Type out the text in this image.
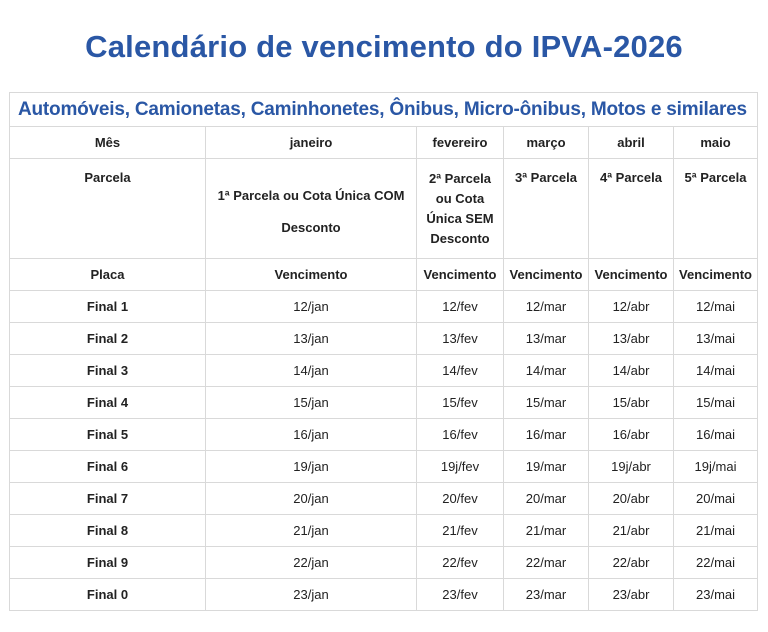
Calendário de vencimento do IPVA-2026
Automóveis, Camionetas, Caminhonetes, Ônibus, Micro-ônibus, Motos e similares					
Mês	janeiro	fevereiro	março	abril	maio
Parcela	1ª Parcela ou Cota Única COM Desconto	2ª Parcela ou Cota Única SEM Desconto	3ª Parcela	4ª Parcela	5ª Parcela
Placa	Vencimento	Vencimento	Vencimento	Vencimento	Vencimento
Final 1	12/jan	12/fev	12/mar	12/abr	12/mai
Final 2	13/jan	13/fev	13/mar	13/abr	13/mai
Final 3	14/jan	14/fev	14/mar	14/abr	14/mai
Final 4	15/jan	15/fev	15/mar	15/abr	15/mai
Final 5	16/jan	16/fev	16/mar	16/abr	16/mai
Final 6	19/jan	19j/fev	19/mar	19j/abr	19j/mai
Final 7	20/jan	20/fev	20/mar	20/abr	20/mai
Final 8	21/jan	21/fev	21/mar	21/abr	21/mai
Final 9	22/jan	22/fev	22/mar	22/abr	22/mai
Final 0	23/jan	23/fev	23/mar	23/abr	23/mai
